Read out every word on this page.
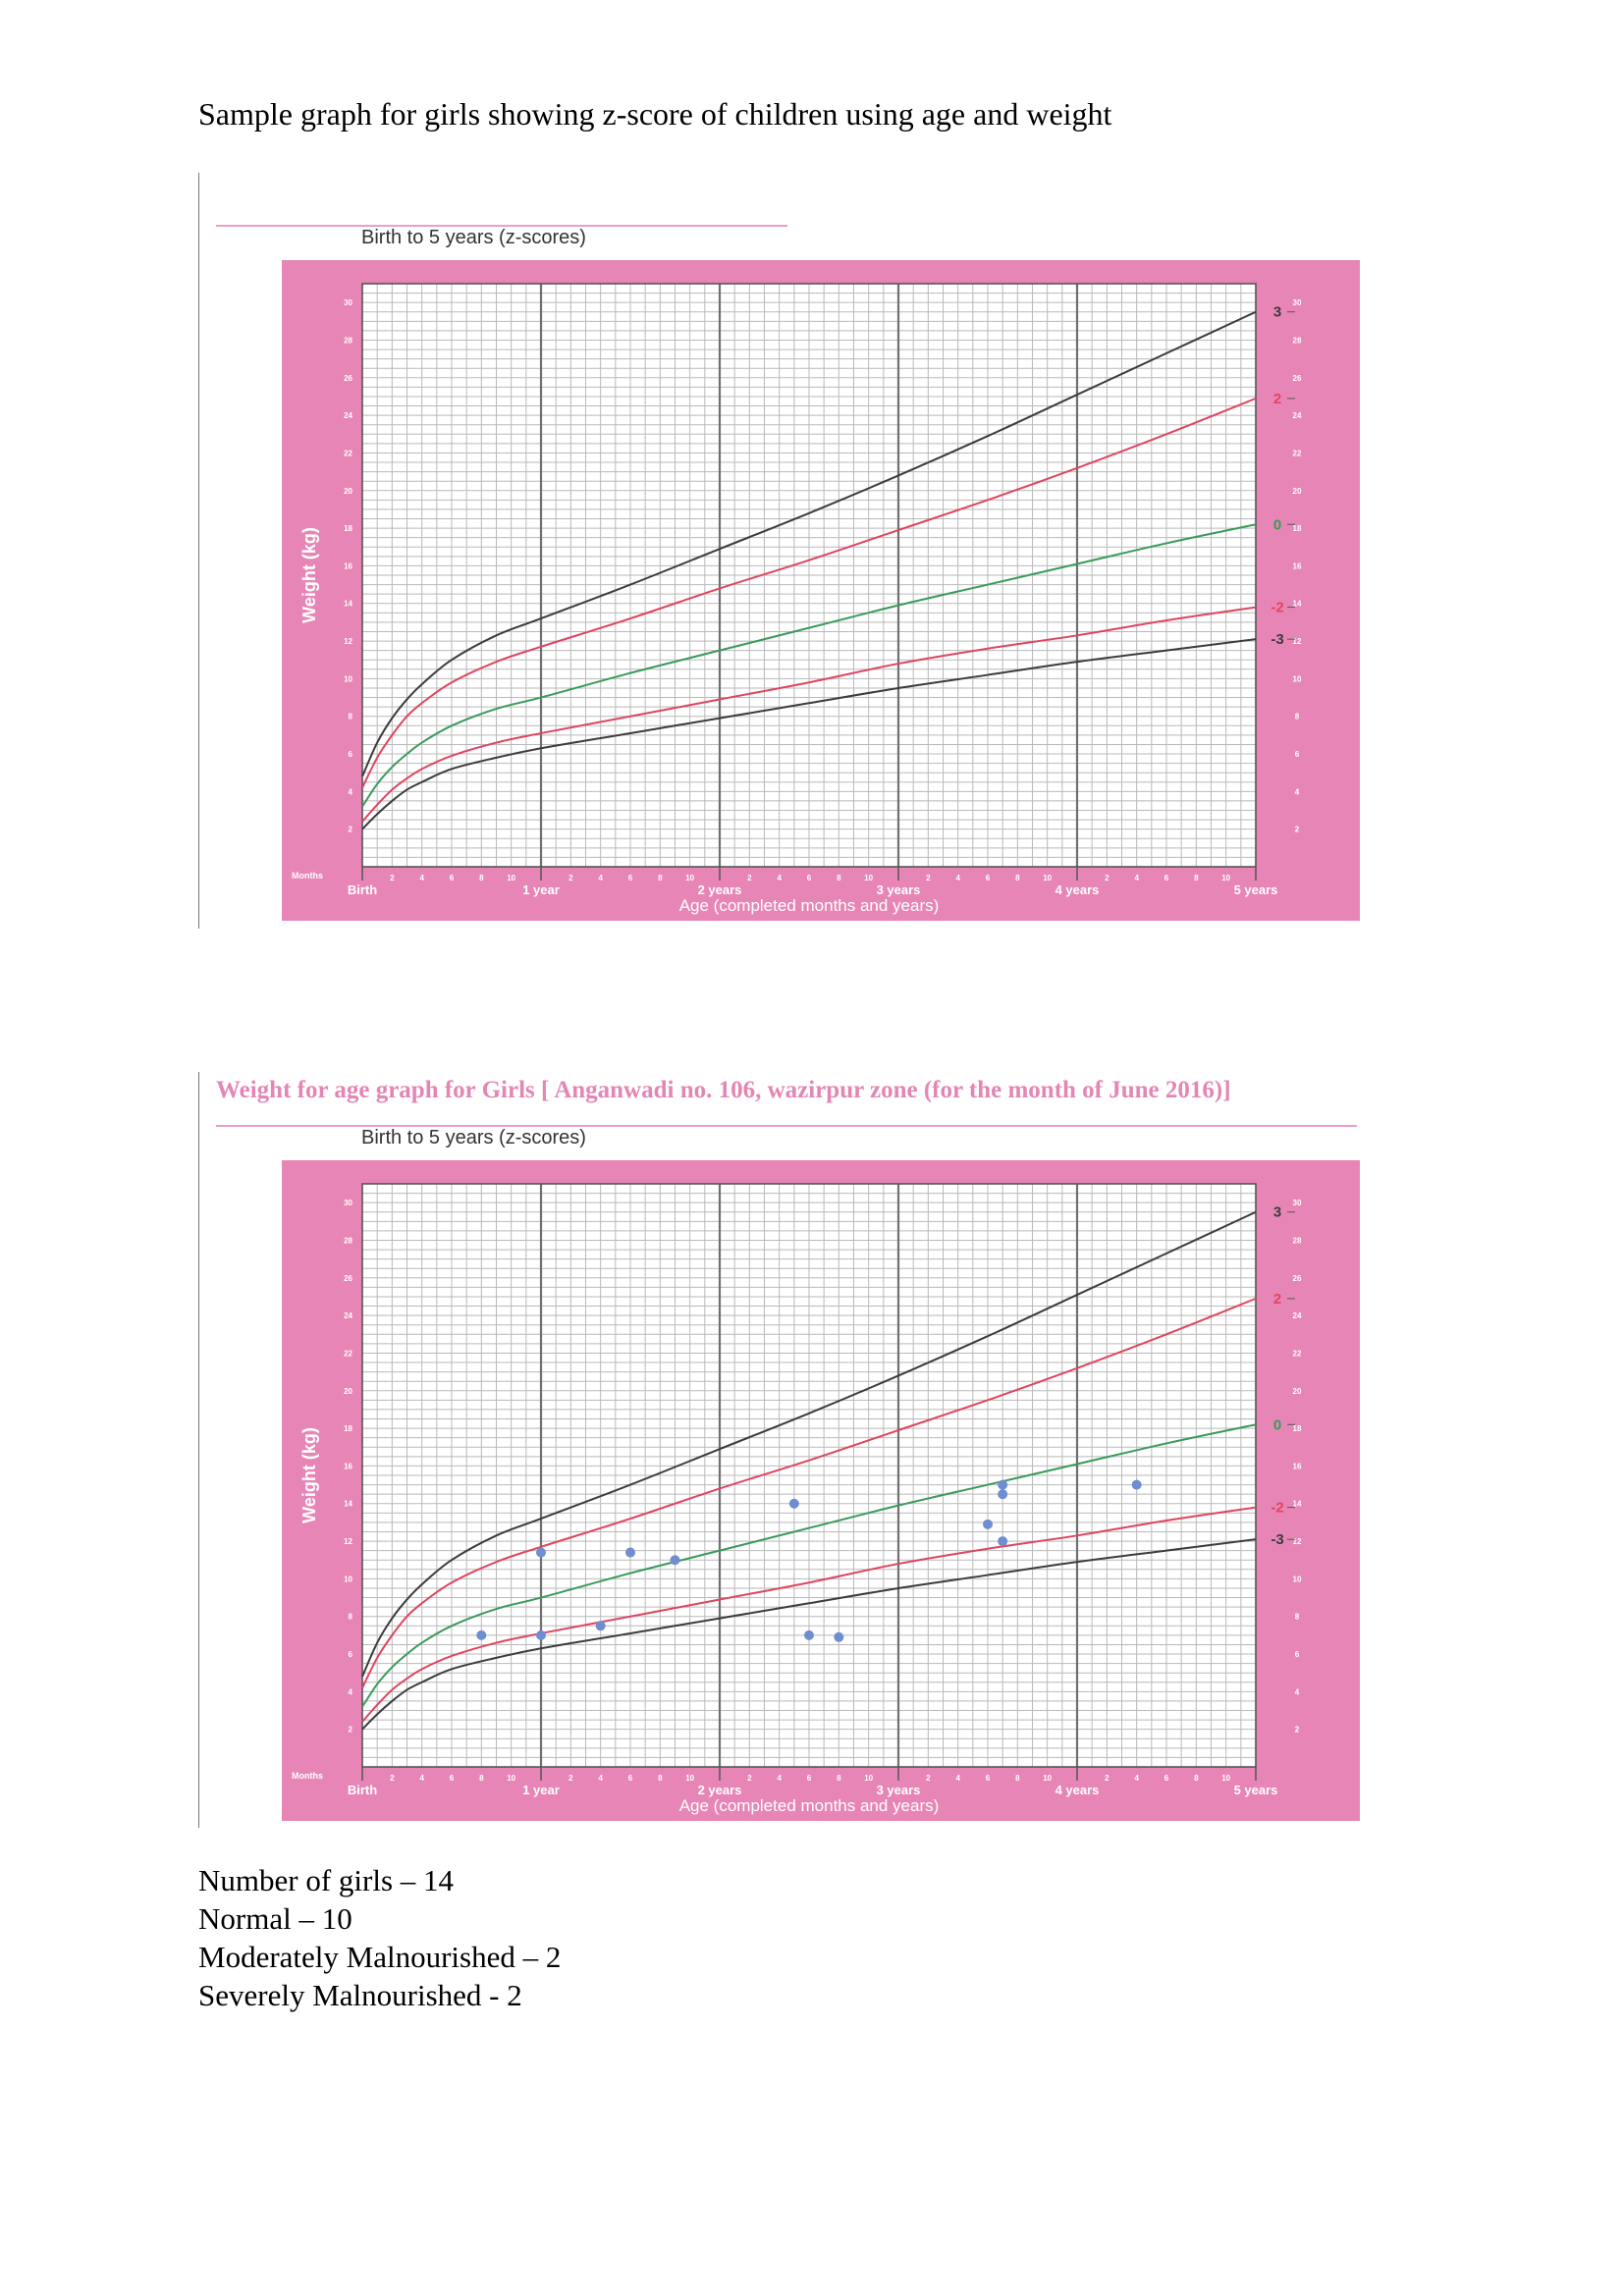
Sample graph for girls showing z-score of children using age and weight

Birth to 5 years (z-scores)
2	2
4	4
6	6
8	8
10	10
12	12
14	14
16	16
18	18
20	20
22	22
24	24
26	26
28	28
30	30
Weight (kg)
2	4	6	8	10	2	4	6	8	10	2	4	6	8	10	2	4	6	8	10	2	4	6	8	10
Months
Birth	1 year	2 years	3 years	4 years	5 years
Age (completed months and years)
3
2
0
-2
-3
Weight for age graph for Girls [ Anganwadi no. 106, wazirpur zone (for the month of June 2016)]
Birth to 5 years (z-scores)
2	2
4	4
6	6
8	8
10	10
12	12
14	14
16	16
18	18
20	20
22	22
24	24
26	26
28	28
30	30
Weight (kg)
2	4	6	8	10	2	4	6	8	10	2	4	6	8	10	2	4	6	8	10	2	4	6	8	10
Months
Birth	1 year	2 years	3 years	4 years	5 years
Age (completed months and years)
3
2
0
-2
-3
Number of girls – 14
Normal – 10
Moderately Malnourished – 2
Severely Malnourished - 2
